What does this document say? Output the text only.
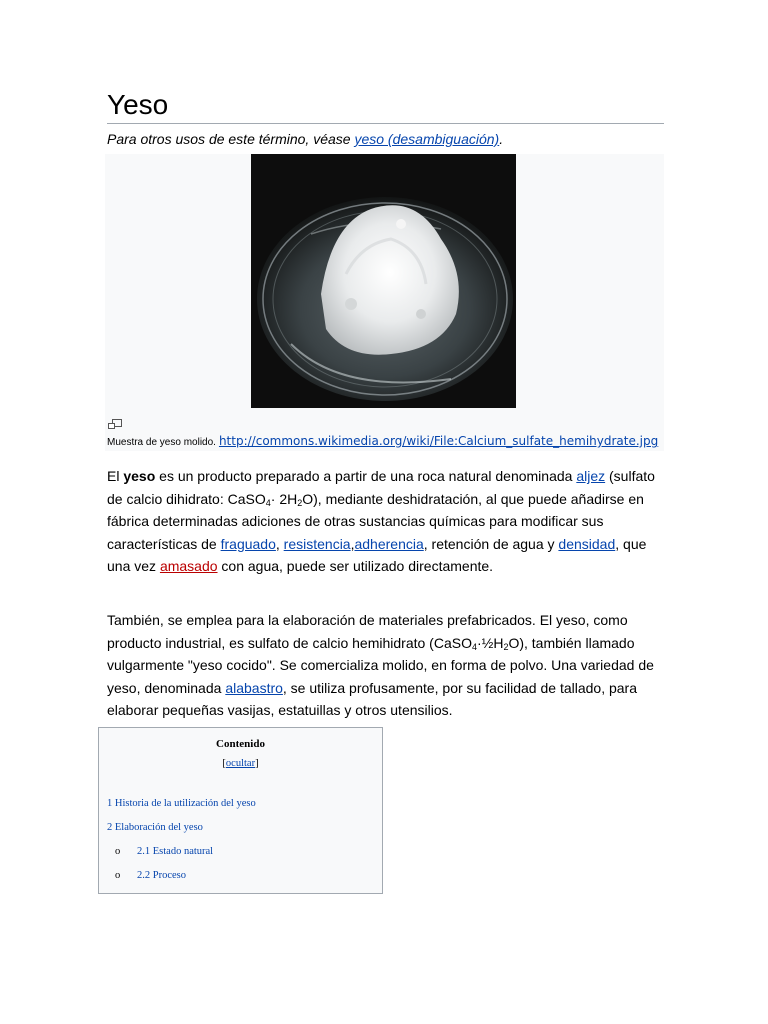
Yeso
Para otros usos de este término, véase yeso (desambiguación).
Muestra de yeso molido. http://commons.wikimedia.org/wiki/File:Calcium_sulfate_hemihydrate.jpg

El yeso es un producto preparado a partir de una roca natural denominada aljez (sulfato de calcio dihidrato: CaSO$_4$· $2H_2O$), mediante deshidratación, al que puede añadirse en fábrica determinadas adiciones de otras sustancias químicas para modificar sus características de fraguado, resistencia,adherencia, retención de agua y densidad, que una vez amasado con agua, puede ser utilizado directamente.

También, se emplea para la elaboración de materiales prefabricados. El yeso, como producto industrial, es sulfato de calcio hemihidrato $(CaSO_4\cdot\frac{1}{2}H_2O)$, también llamado vulgarmente "yeso cocido". Se comercializa molido, en forma de polvo. Una variedad de yeso, denominada alabastro, se utiliza profusamente, por su facilidad de tallado, para elaborar pequeñas vasijas, estatuillas y otros utensilios.

Contenido
[ocultar]
1 Historia de la utilización del yeso
2 Elaboración del yeso
o 2.1 Estado natural
o 2.2 Proceso
